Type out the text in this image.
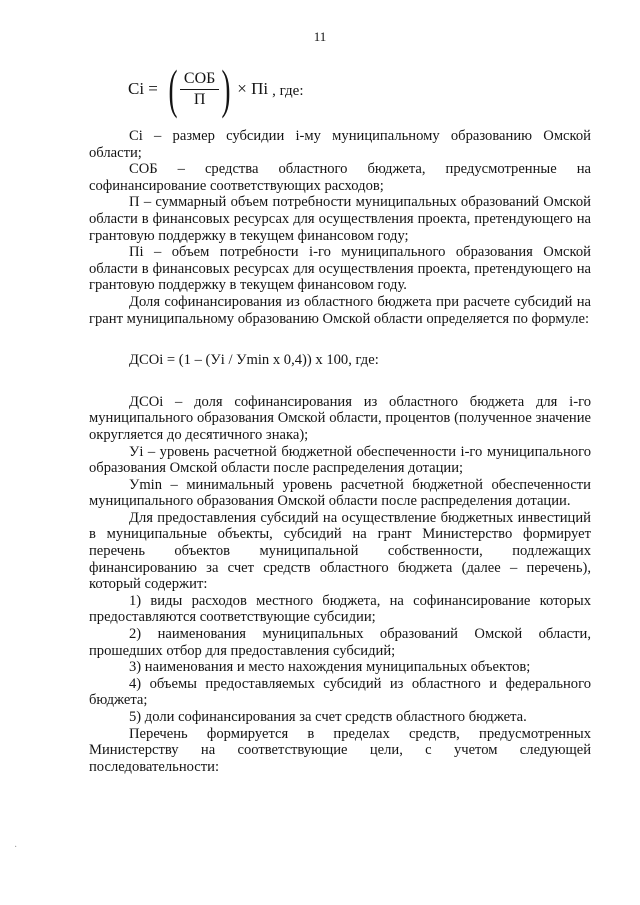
11
Ci = ( $\frac{\text{СОБ}}{П}$ ) × Пi , где:

Ci – размер субсидии i-му муниципальному образованию Омской области;

СОБ – средства областного бюджета, предусмотренные на софинансирование соответствующих расходов;

П – суммарный объем потребности муниципальных образований Омской области в финансовых ресурсах для осуществления проекта, претендующего на грантовую поддержку в текущем финансовом году;

Пi – объем потребности i-го муниципального образования Омской области в финансовых ресурсах для осуществления проекта, претендующего на грантовую поддержку в текущем финансовом году.

Доля софинансирования из областного бюджета при расчете субсидий на грант муниципальному образованию Омской области определяется по формуле:

ДСОi = (1 – (Уi / Уmin x 0,4)) x 100, где:

ДСОi – доля софинансирования из областного бюджета для i-го муниципального образования Омской области, процентов (полученное значение округляется до десятичного знака);

Уi – уровень расчетной бюджетной обеспеченности i-го муниципального образования Омской области после распределения дотации;

Уmin – минимальный уровень расчетной бюджетной обеспеченности муниципального образования Омской области после распределения дотации.

Для предоставления субсидий на осуществление бюджетных инвестиций в муниципальные объекты, субсидий на грант Министерство формирует перечень объектов муниципальной собственности, подлежащих финансированию за счет средств областного бюджета (далее – перечень), который содержит:

1) виды расходов местного бюджета, на софинансирование которых предоставляются соответствующие субсидии;

2) наименования муниципальных образований Омской области, прошедших отбор для предоставления субсидий;

3) наименования и место нахождения муниципальных объектов;

4) объемы предоставляемых субсидий из областного и федерального бюджета;

5) доли софинансирования за счет средств областного бюджета.

Перечень формируется в пределах средств, предусмотренных Министерству на соответствующие цели, с учетом следующей последовательности:

·
